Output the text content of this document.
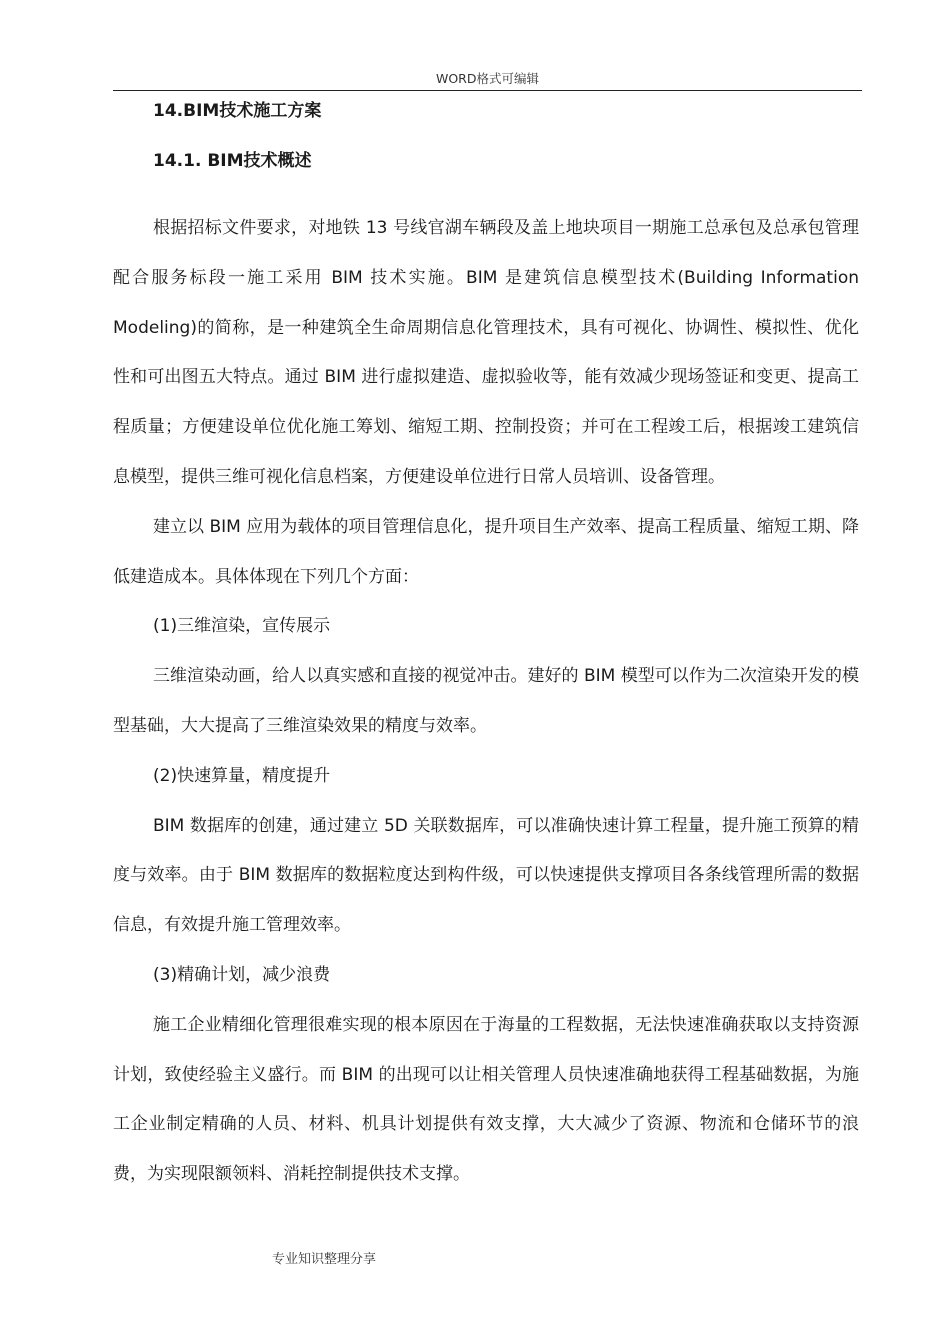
WORD格式可编辑
14.BIM技术施工方案
14.1. BIM技术概述

根据招标文件要求，对地铁 13 号线官湖车辆段及盖上地块项目一期施工总承包及总承包管理配合服务标段一施工采用 BIM 技术实施。BIM 是建筑信息模型技术(Building Information Modeling)的简称，是一种建筑全生命周期信息化管理技术，具有可视化、协调性、模拟性、优化性和可出图五大特点。通过 BIM 进行虚拟建造、虚拟验收等，能有效减少现场签证和变更、提高工程质量；方便建设单位优化施工筹划、缩短工期、控制投资；并可在工程竣工后，根据竣工建筑信息模型，提供三维可视化信息档案，方便建设单位进行日常人员培训、设备管理。

建立以 BIM 应用为载体的项目管理信息化，提升项目生产效率、提高工程质量、缩短工期、降低建造成本。具体体现在下列几个方面：

(1)三维渲染，宣传展示

三维渲染动画，给人以真实感和直接的视觉冲击。建好的 BIM 模型可以作为二次渲染开发的模型基础，大大提高了三维渲染效果的精度与效率。

(2)快速算量，精度提升

BIM 数据库的创建，通过建立 5D 关联数据库，可以准确快速计算工程量，提升施工预算的精度与效率。由于 BIM 数据库的数据粒度达到构件级，可以快速提供支撑项目各条线管理所需的数据信息，有效提升施工管理效率。

(3)精确计划，减少浪费

施工企业精细化管理很难实现的根本原因在于海量的工程数据，无法快速准确获取以支持资源计划，致使经验主义盛行。而 BIM 的出现可以让相关管理人员快速准确地获得工程基础数据，为施工企业制定精确的人员、材料、机具计划提供有效支撑，大大减少了资源、物流和仓储环节的浪费，为实现限额领料、消耗控制提供技术支撑。

专业知识整理分享
